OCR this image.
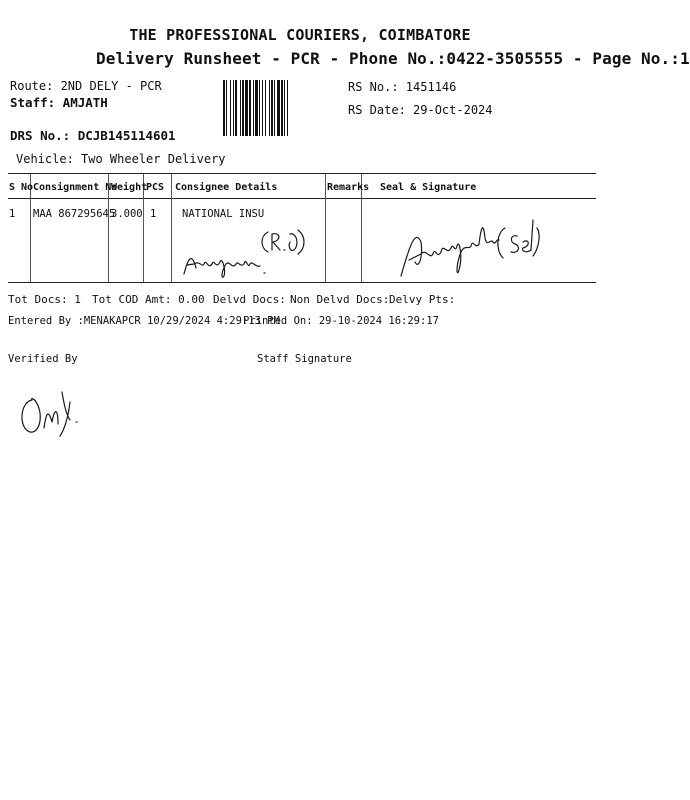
THE PROFESSIONAL COURIERS, COIMBATORE
Delivery Runsheet - PCR - Phone No.:0422-3505555 - Page No.:1
Route: 2ND DELY - PCR
Staff: AMJATH
DRS No.: DCJB145114601
Vehicle: Two Wheeler Delivery
RS No.: 1451146
RS Date: 29-Oct-2024
S No Consignment No
Weight
PCS Consignee Details	Remarks Seal & Signature
1 MAA 867295645
3.000 1 NATIONAL INSU
Tot Docs: 1 Tot COD Amt: 0.00 Delvd Docs: Non Delvd Docs: Delvy Pts:
Entered By :MENAKAPCR 10/29/2024 4:29:13 PM
Printed On: 29-10-2024 16:29:17
Verified By	Staff Signature
